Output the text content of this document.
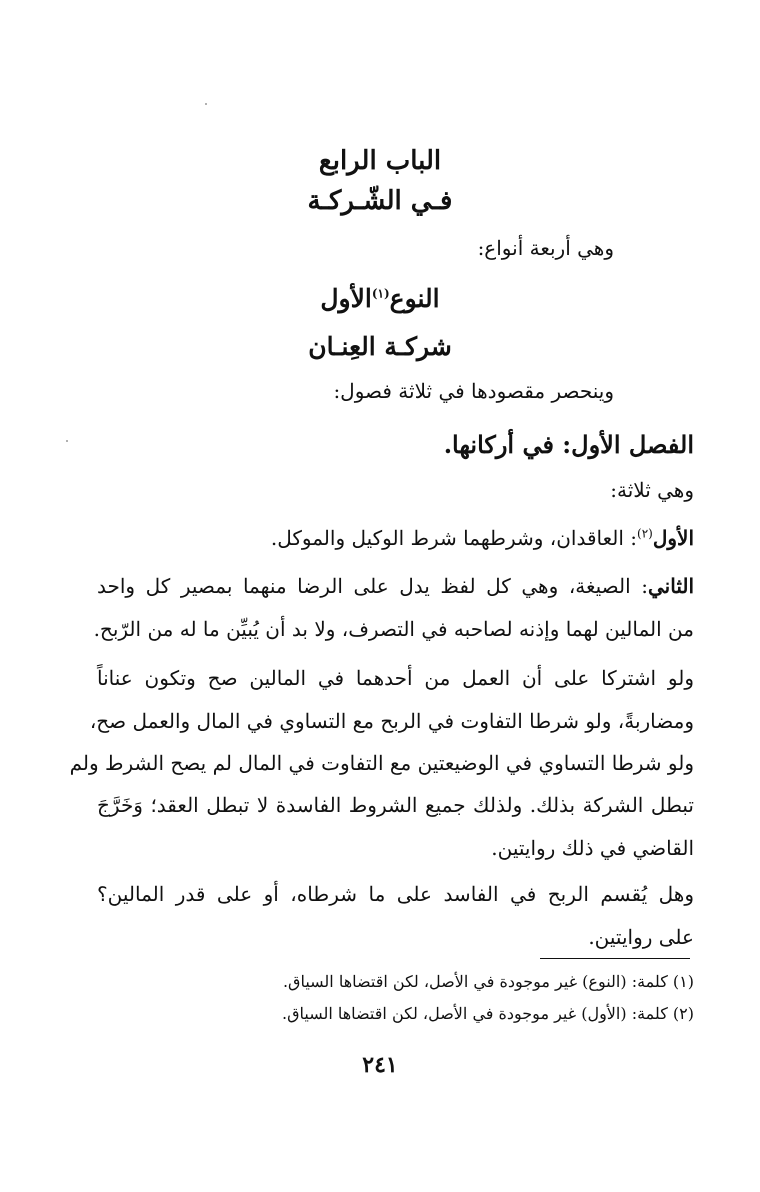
الباب الرابع
فـي الشّـركـة

وهي أربعة أنواع:

النوع$^{(١)}$الأول
شركـة العِنـان

وينحصر مقصودها في ثلاثة فصول:

الفصل الأول: في أركانها.

وهي ثلاثة:

الأول$^{(٢)}$: العاقدان، وشرطهما شرط الوكيل والموكل.

الثاني: الصيغة، وهي كل لفظ يدل على الرضا منهما بمصير كل واحد

من المالين لهما وإذنه لصاحبه في التصرف، ولا بد أن يُبيِّن ما له من الرّبح.

ولو اشتركا على أن العمل من أحدهما في المالين صح وتكون عناناً

ومضاربةً، ولو شرطا التفاوت في الربح مع التساوي في المال والعمل صح،

ولو شرطا التساوي في الوضيعتين مع التفاوت في المال لم يصح الشرط ولم

تبطل الشركة بذلك. ولذلك جميع الشروط الفاسدة لا تبطل العقد؛ وَخَرَّجَ

القاضي في ذلك روايتين.

وهل يُقسم الربح في الفاسد على ما شرطاه، أو على قدر المالين؟

على روايتين.

(١) كلمة: (النوع) غير موجودة في الأصل، لكن اقتضاها السياق.

(٢) كلمة: (الأول) غير موجودة في الأصل، لكن اقتضاها السياق.

٢٤١
